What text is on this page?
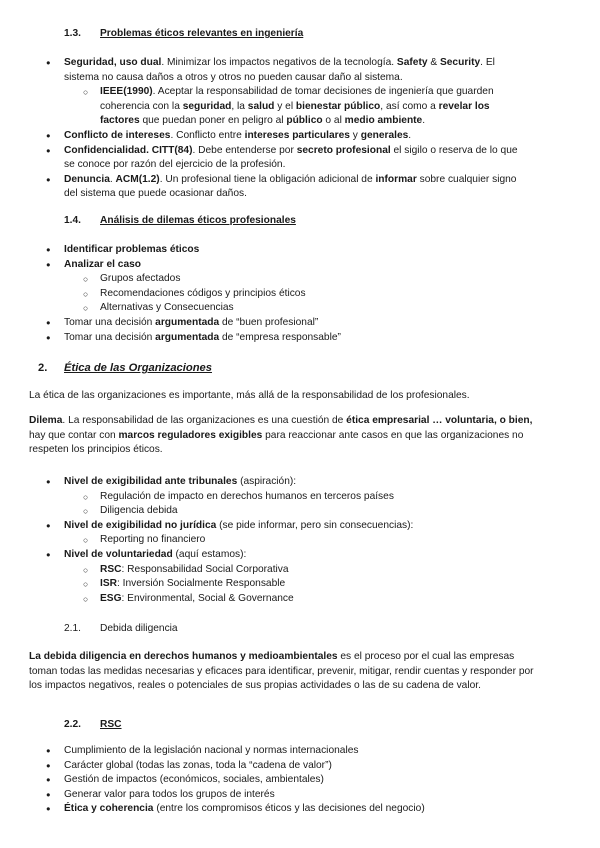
1.3. Problemas éticos relevantes en ingeniería
● Seguridad, uso dual. Minimizar los impactos negativos de la tecnología. Safety & Security. El sistema no causa daños a otros y otros no pueden causar daño al sistema.
○ IEEE(1990). Aceptar la responsabilidad de tomar decisiones de ingeniería que guarden coherencia con la seguridad, la salud y el bienestar público, así como a revelar los factores que puedan poner en peligro al público o al medio ambiente.
● Conflicto de intereses. Conflicto entre intereses particulares y generales.
● Confidencialidad. CITT(84). Debe entenderse por secreto profesional el sigilo o reserva de lo que se conoce por razón del ejercicio de la profesión.
● Denuncia. ACM(1.2). Un profesional tiene la obligación adicional de informar sobre cualquier signo del sistema que puede ocasionar daños.
1.4. Análisis de dilemas éticos profesionales
● Identificar problemas éticos
● Analizar el caso
○ Grupos afectados
○ Recomendaciones códigos y principios éticos
○ Alternativas y Consecuencias
● Tomar una decisión argumentada de “buen profesional”
● Tomar una decisión argumentada de “empresa responsable”
2. Ética de las Organizaciones
La ética de las organizaciones es importante, más allá de la responsabilidad de los profesionales.
Dilema. La responsabilidad de las organizaciones es una cuestión de ética empresarial … voluntaria, o bien, hay que contar con marcos reguladores exigibles para reaccionar ante casos en que las organizaciones no respeten los principios éticos.
● Nivel de exigibilidad ante tribunales (aspiración):
○ Regulación de impacto en derechos humanos en terceros países
○ Diligencia debida
● Nivel de exigibilidad no jurídica (se pide informar, pero sin consecuencias):
○ Reporting no financiero
● Nivel de voluntariedad (aquí estamos):
○ RSC: Responsabilidad Social Corporativa
○ ISR: Inversión Socialmente Responsable
○ ESG: Environmental, Social & Governance
2.1. Debida diligencia
La debida diligencia en derechos humanos y medioambientales es el proceso por el cual las empresas toman todas las medidas necesarias y eficaces para identificar, prevenir, mitigar, rendir cuentas y responder por los impactos negativos, reales o potenciales de sus propias actividades o las de su cadena de valor.
2.2. RSC
● Cumplimiento de la legislación nacional y normas internacionales
● Carácter global (todas las zonas, toda la “cadena de valor”)
● Gestión de impactos (económicos, sociales, ambientales)
● Generar valor para todos los grupos de interés
● Ética y coherencia (entre los compromisos éticos y las decisiones del negocio)
